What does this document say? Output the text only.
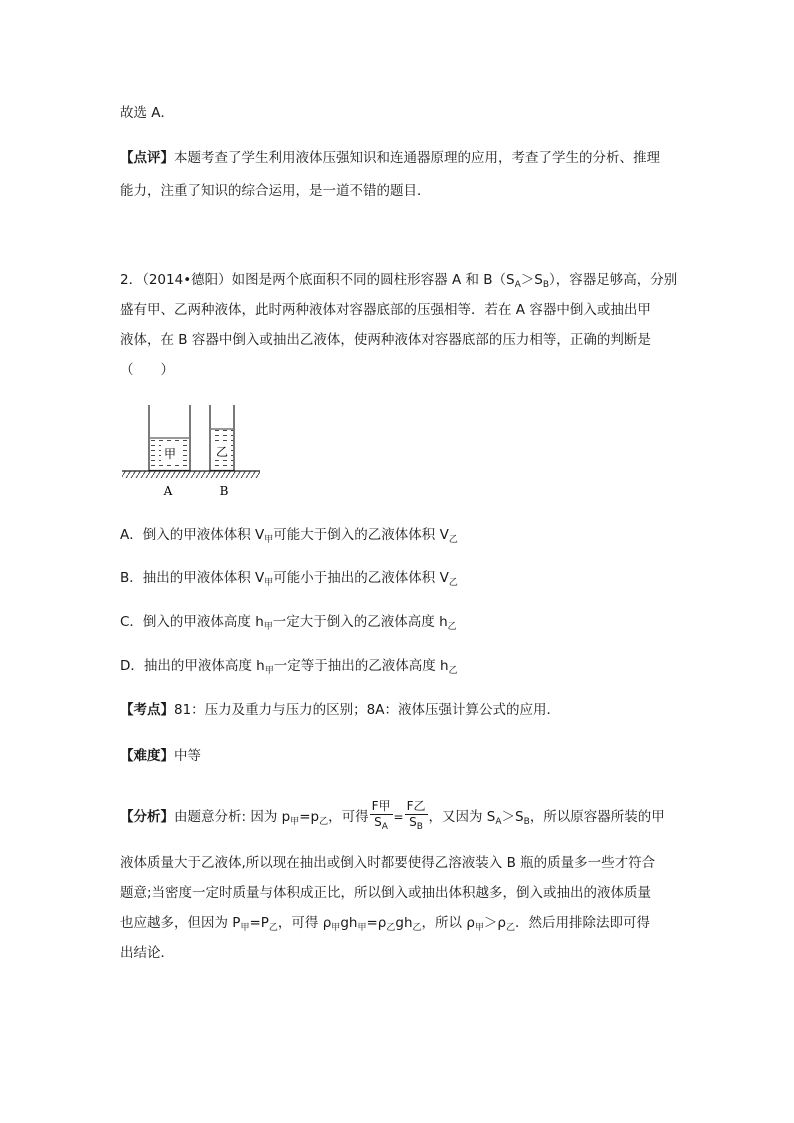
故选 A．
【点评】本题考查了学生利用液体压强知识和连通器原理的应用，考查了学生的分析、推理
能力，注重了知识的综合运用，是一道不错的题目．
2．（2014•德阳）如图是两个底面积不同的圆柱形容器 A 和 $B(S_A>S_B)$，容器足够高，分别
盛有甲、乙两种液体，此时两种液体对容器底部的压强相等．若在 A 容器中倒入或抽出甲
液体，在 B 容器中倒入或抽出乙液体，使两种液体对容器底部的压力相等，正确的判断是
（　　）
甲	乙
A	B
A．倒入的甲液体体积 $V_甲$可能大于倒入的乙液体体积 $V_乙$
B．抽出的甲液体体积 $V_甲$可能小于抽出的乙液体体积 $V_乙$
C．倒入的甲液体高度 $h_甲$一定大于倒入的乙液体高度 $h_乙$
D．抽出的甲液体高度 $h_甲$一定等于抽出的乙液体高度 $h_乙$
【考点】81：压力及重力与压力的区别；8A：液体压强计算公式的应用．
【难度】中等
【分析】由题意分析: 因为 $p_甲=p_乙$，可得 $\frac{\text{F甲}}{S_A} = \frac{\text{F乙}}{S_B}$ ，又因为 $S_A>S_B$，所以原容器所装的甲
液体质量大于乙液体,所以现在抽出或倒入时都要使得乙溶液装入 B 瓶的质量多一些才符合
题意;当密度一定时质量与体积成正比，所以倒入或抽出体积越多，倒入或抽出的液体质量
也应越多，但因为 $P_甲=P_乙$，可得 $\rho_甲gh_甲=\rho_乙gh_乙$，所以 $\rho_甲>\rho_乙$．然后用排除法即可得
出结论．
